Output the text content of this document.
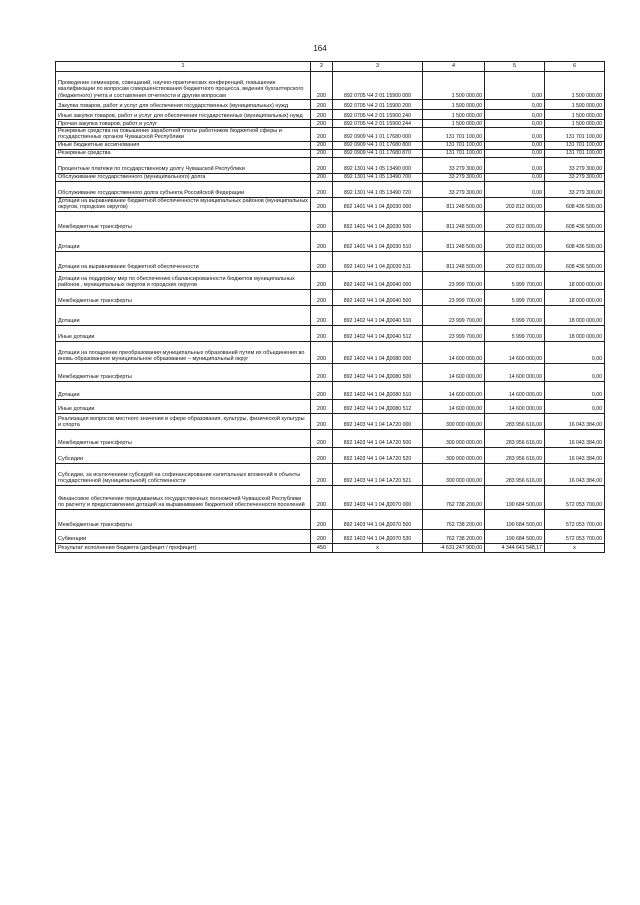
164
1	2	3	4	5	6
Проведение семинаров, совещаний, научно-практических конференций, повышение квалификации по вопросам совершенствования бюджетного процесса, ведения бухгалтерского (бюджетного) учета и составления отчетности и другим вопросам	200	892 0705 Ч4 2 01 15900 000	1 500 000,00	0,00	1 500 000,00
Закупка товаров, работ и услуг для обеспечения государственных (муниципальных) нужд	200	892 0705 Ч4 2 01 15900 200	1 500 000,00	0,00	1 500 000,00
Иные закупки товаров, работ и услуг для обеспечения государственных (муниципальных) нужд	200	892 0705 Ч4 2 01 15900 240	1 500 000,00	0,00	1 500 000,00
Прочая закупка товаров, работ и услуг	200	892 0705 Ч4 2 01 15900 244	1 500 000,00	0,00	1 500 000,00
Резервные средства на повышение заработной платы работников бюджетной сферы и государственных органов Чувашской Республики	200	892 0909 Ч4 1 01 17680 000	131 701 100,00	0,00	131 701 100,00
Иные бюджетные ассигнования	200	892 0909 Ч4 1 01 17680 800	131 701 100,00	0,00	131 701 100,00
Резервные средства	200	892 0909 Ч4 1 01 17680 870	131 701 100,00	0,00	131 701 100,00
Процентные платежи по государственному долгу Чувашской Республики	200	892 1301 Ч4 1 05 13490 000	33 279 300,00	0,00	33 279 300,00
Обслуживание государственного (муниципального) долга	200	892 1301 Ч4 1 05 13490 700	33 279 300,00	0,00	33 279 300,00
Обслуживание государственного долга субъекта Российской Федерации	200	892 1301 Ч4 1 05 13490 720	33 279 300,00	0,00	33 279 300,00
Дотации на выравнивание бюджетной обеспеченности муниципальных районов (муниципальных округов, городских округов)	200	892 1401 Ч4 1 04 Д0030 000	811 248 500,00	202 812 000,00	608 436 500,00
Межбюджетные трансферты	200	892 1401 Ч4 1 04 Д0030 500	811 248 500,00	202 812 000,00	608 436 500,00
Дотации	200	892 1401 Ч4 1 04 Д0030 510	811 248 500,00	202 812 000,00	608 436 500,00
Дотации на выравнивание бюджетной обеспеченности	200	892 1401 Ч4 1 04 Д0030 511	811 248 500,00	202 812 000,00	608 436 500,00
Дотации на поддержку мер по обеспечению сбалансированности бюджетов муниципальных районов , муниципальных округов и городских округов	200	892 1402 Ч4 1 04 Д0040 000	23 999 700,00	5 999 700,00	18 000 000,00
Межбюджетные трансферты	200	892 1402 Ч4 1 04 Д0040 500	23 999 700,00	5 999 700,00	18 000 000,00
Дотации	200	892 1402 Ч4 1 04 Д0040 510	23 999 700,00	5 999 700,00	18 000 000,00
Иные дотации	200	892 1402 Ч4 1 04 Д0040 512	23 999 700,00	5 999 700,00	18 000 000,00
Дотации на поощрение преобразования муниципальных образований путем их объединения во вновь образованное муниципальное образование – муниципальный округ	200	892 1402 Ч4 1 04 Д0080 000	14 600 000,00	14 600 000,00	0,00
Межбюджетные трансферты	200	892 1402 Ч4 1 04 Д0080 500	14 600 000,00	14 600 000,00	0,00
Дотации	200	892 1402 Ч4 1 04 Д0080 510	14 600 000,00	14 600 000,00	0,00
Иные дотации	200	892 1402 Ч4 1 04 Д0080 512	14 600 000,00	14 600 000,00	0,00
Реализация вопросов местного значения в сфере образования, культуры, физической культуры и спорта	200	892 1403 Ч4 1 04 1А720 000	300 000 000,00	283 956 616,00	16 043 384,00
Межбюджетные трансферты	200	892 1403 Ч4 1 04 1А720 500	300 000 000,00	283 956 616,00	16 043 384,00
Субсидии	200	892 1403 Ч4 1 04 1А720 520	300 000 000,00	283 956 616,00	16 043 384,00
Субсидии, за исключением субсидий на софинансирование капитальных вложений в объекты государственной (муниципальной) собственности	200	892 1403 Ч4 1 04 1А720 521	300 000 000,00	283 956 616,00	16 043 384,00
Финансовое обеспечение передаваемых государственных полномочий Чувашской Республики по расчету и предоставлению дотаций на выравнивание бюджетной обеспеченности поселений	200	892 1403 Ч4 1 04 Д0070 000	762 738 200,00	190 684 500,00	572 053 700,00
Межбюджетные трансферты	200	892 1403 Ч4 1 04 Д0070 500	762 738 200,00	190 684 500,00	572 053 700,00
Субвенции	200	892 1403 Ч4 1 04 Д0070 530	762 738 200,00	190 684 500,00	572 053 700,00
Результат исполнения бюджета (дефицит / профицит)	450	x	-4 631 247 900,00	4 344 641 548,17	x
